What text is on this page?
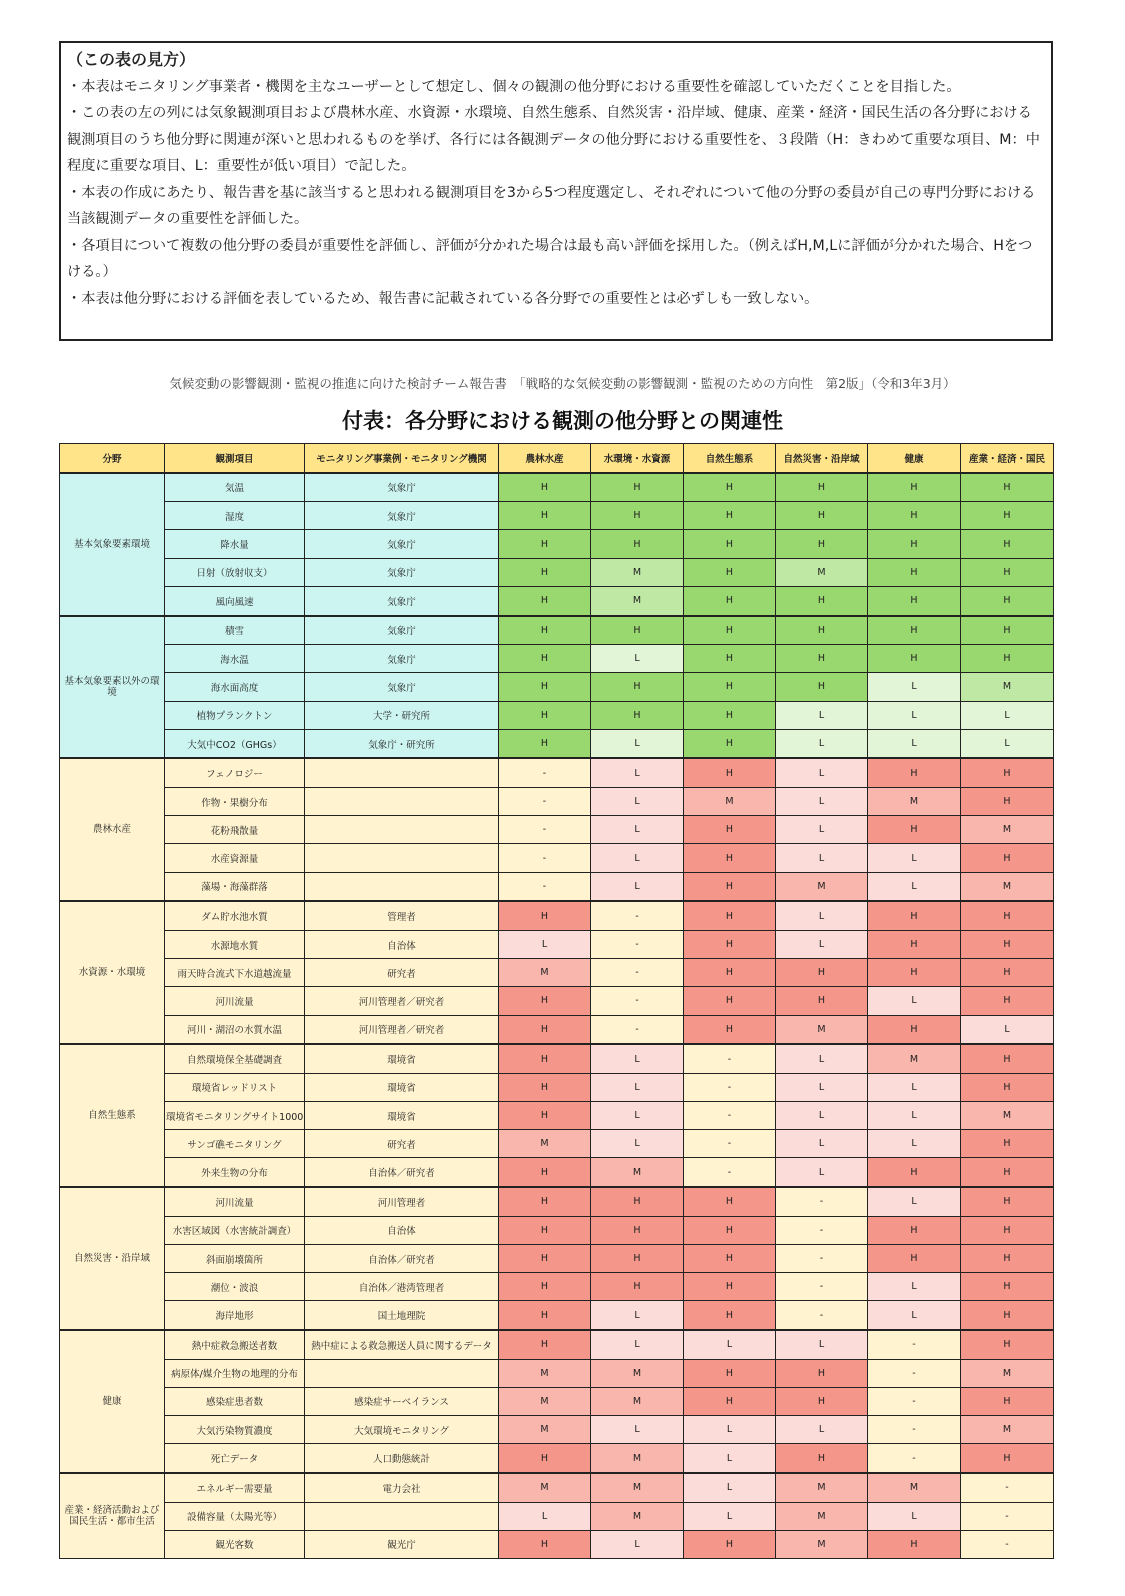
（この表の見方）

・本表はモニタリング事業者・機関を主なユーザーとして想定し、個々の観測の他分野における重要性を確認していただくことを目指した。

・この表の左の列には気象観測項目および農林水産、水資源・水環境、自然生態系、自然災害・沿岸域、健康、産業・経済・国民生活の各分野における観測項目のうち他分野に関連が深いと思われるものを挙げ、各行には各観測データの他分野における重要性を、３段階（H：きわめて重要な項目、M：中程度に重要な項目、L：重要性が低い項目）で記した。

・本表の作成にあたり、報告書を基に該当すると思われる観測項目を3から5つ程度選定し、それぞれについて他の分野の委員が自己の専門分野における当該観測データの重要性を評価した。

・各項目について複数の他分野の委員が重要性を評価し、評価が分かれた場合は最も高い評価を採用した。（例えばH,M,Lに評価が分かれた場合、Hをつける。）

・本表は他分野における評価を表しているため、報告書に記載されている各分野での重要性とは必ずしも一致しない。

気候変動の影響観測・監視の推進に向けた検討チーム報告書　「戦略的な気候変動の影響観測・監視のための方向性　第2版」（令和3年3月）
付表：各分野における観測の他分野との関連性
分野	観測項目	モニタリング事業例・モニタリング機関	農林水産	水環境・水資源	自然生態系	自然災害・沿岸域	健康	産業・経済・国民
基本気象要素環境	気温	気象庁	H	H	H	H	H	H
	湿度	気象庁	H	H	H	H	H	H
	降水量	気象庁	H	H	H	H	H	H
	日射（放射収支）	気象庁	H	M	H	M	H	H
	風向風速	気象庁	H	M	H	H	H	H
基本気象要素以外の環境	積雪	気象庁	H	H	H	H	H	H
	海水温	気象庁	H	L	H	H	H	H
	海水面高度	気象庁	H	H	H	H	L	M
	植物プランクトン	大学・研究所	H	H	H	L	L	L
	大気中CO2（GHGs）	気象庁・研究所	H	L	H	L	L	L
農林水産	フェノロジー		-	L	H	L	H	H
	作物・果樹分布		-	L	M	L	M	H
	花粉飛散量		-	L	H	L	H	M
	水産資源量		-	L	H	L	L	H
	藻場・海藻群落		-	L	H	M	L	M
水資源・水環境	ダム貯水池水質	管理者	H	-	H	L	H	H
	水源地水質	自治体	L	-	H	L	H	H
	雨天時合流式下水道越流量	研究者	M	-	H	H	H	H
	河川流量	河川管理者／研究者	H	-	H	H	L	H
	河川・湖沼の水質水温	河川管理者／研究者	H	-	H	M	H	L
自然生態系	自然環境保全基礎調査	環境省	H	L	-	L	M	H
	環境省レッドリスト	環境省	H	L	-	L	L	H
	環境省モニタリングサイト1000	環境省	H	L	-	L	L	M
	サンゴ礁モニタリング	研究者	M	L	-	L	L	H
	外来生物の分布	自治体／研究者	H	M	-	L	H	H
自然災害・沿岸域	河川流量	河川管理者	H	H	H	-	L	H
	水害区域図（水害統計調査）	自治体	H	H	H	-	H	H
	斜面崩壊箇所	自治体／研究者	H	H	H	-	H	H
	潮位・波浪	自治体／港湾管理者	H	H	H	-	L	H
	海岸地形	国土地理院	H	L	H	-	L	H
健康	熱中症救急搬送者数	熱中症による救急搬送人員に関するデータ	H	L	L	L	-	H
	病原体/媒介生物の地理的分布		M	M	H	H	-	M
	感染症患者数	感染症サーベイランス	M	M	H	H	-	H
	大気汚染物質濃度	大気環境モニタリング	M	L	L	L	-	M
	死亡データ	人口動態統計	H	M	L	H	-	H
産業・経済活動および国民生活・都市生活	エネルギー需要量	電力会社	M	M	L	M	M	-
	設備容量（太陽光等）		L	M	L	M	L	-
	観光客数	観光庁	H	L	H	M	H	-
